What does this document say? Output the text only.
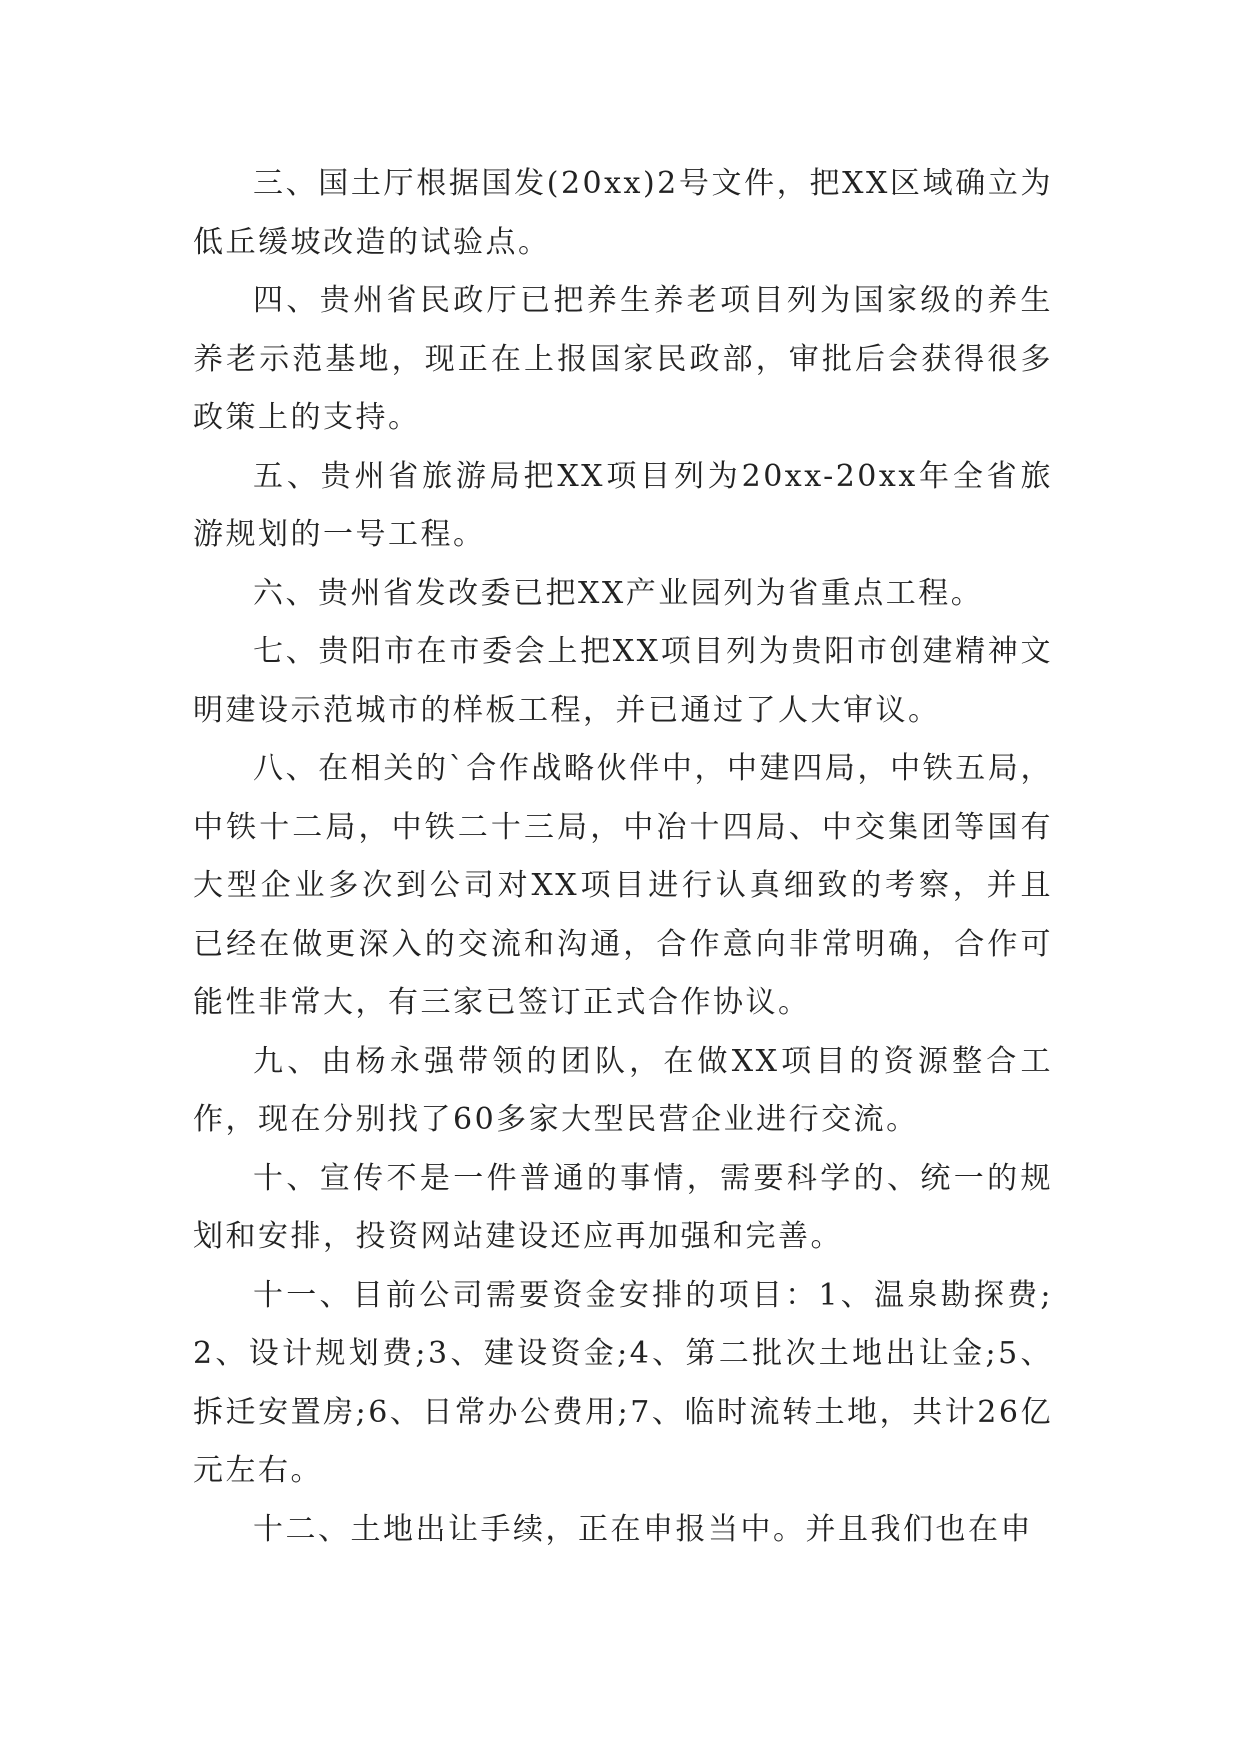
三、国土厅根据国发(20xx)2号文件，把XX区域确立为低丘缓坡改造的试验点。

四、贵州省民政厅已把养生养老项目列为国家级的养生养老示范基地，现正在上报国家民政部，审批后会获得很多政策上的支持。

五、贵州省旅游局把XX项目列为20xx-20xx年全省旅游规划的一号工程。

六、贵州省发改委已把XX产业园列为省重点工程。

七、贵阳市在市委会上把XX项目列为贵阳市创建精神文明建设示范城市的样板工程，并已通过了人大审议。

八、在相关的`合作战略伙伴中，中建四局，中铁五局，中铁十二局，中铁二十三局，中冶十四局、中交集团等国有大型企业多次到公司对XX项目进行认真细致的考察，并且已经在做更深入的交流和沟通，合作意向非常明确，合作可能性非常大，有三家已签订正式合作协议。

九、由杨永强带领的团队，在做XX项目的资源整合工作，现在分别找了60多家大型民营企业进行交流。

十、宣传不是一件普通的事情，需要科学的、统一的规划和安排，投资网站建设还应再加强和完善。

十一、目前公司需要资金安排的项目：1、温泉勘探费;2、设计规划费;3、建设资金;4、第二批次土地出让金;5、拆迁安置房;6、日常办公费用;7、临时流转土地，共计26亿元左右。

十二、土地出让手续，正在申报当中。并且我们也在申
